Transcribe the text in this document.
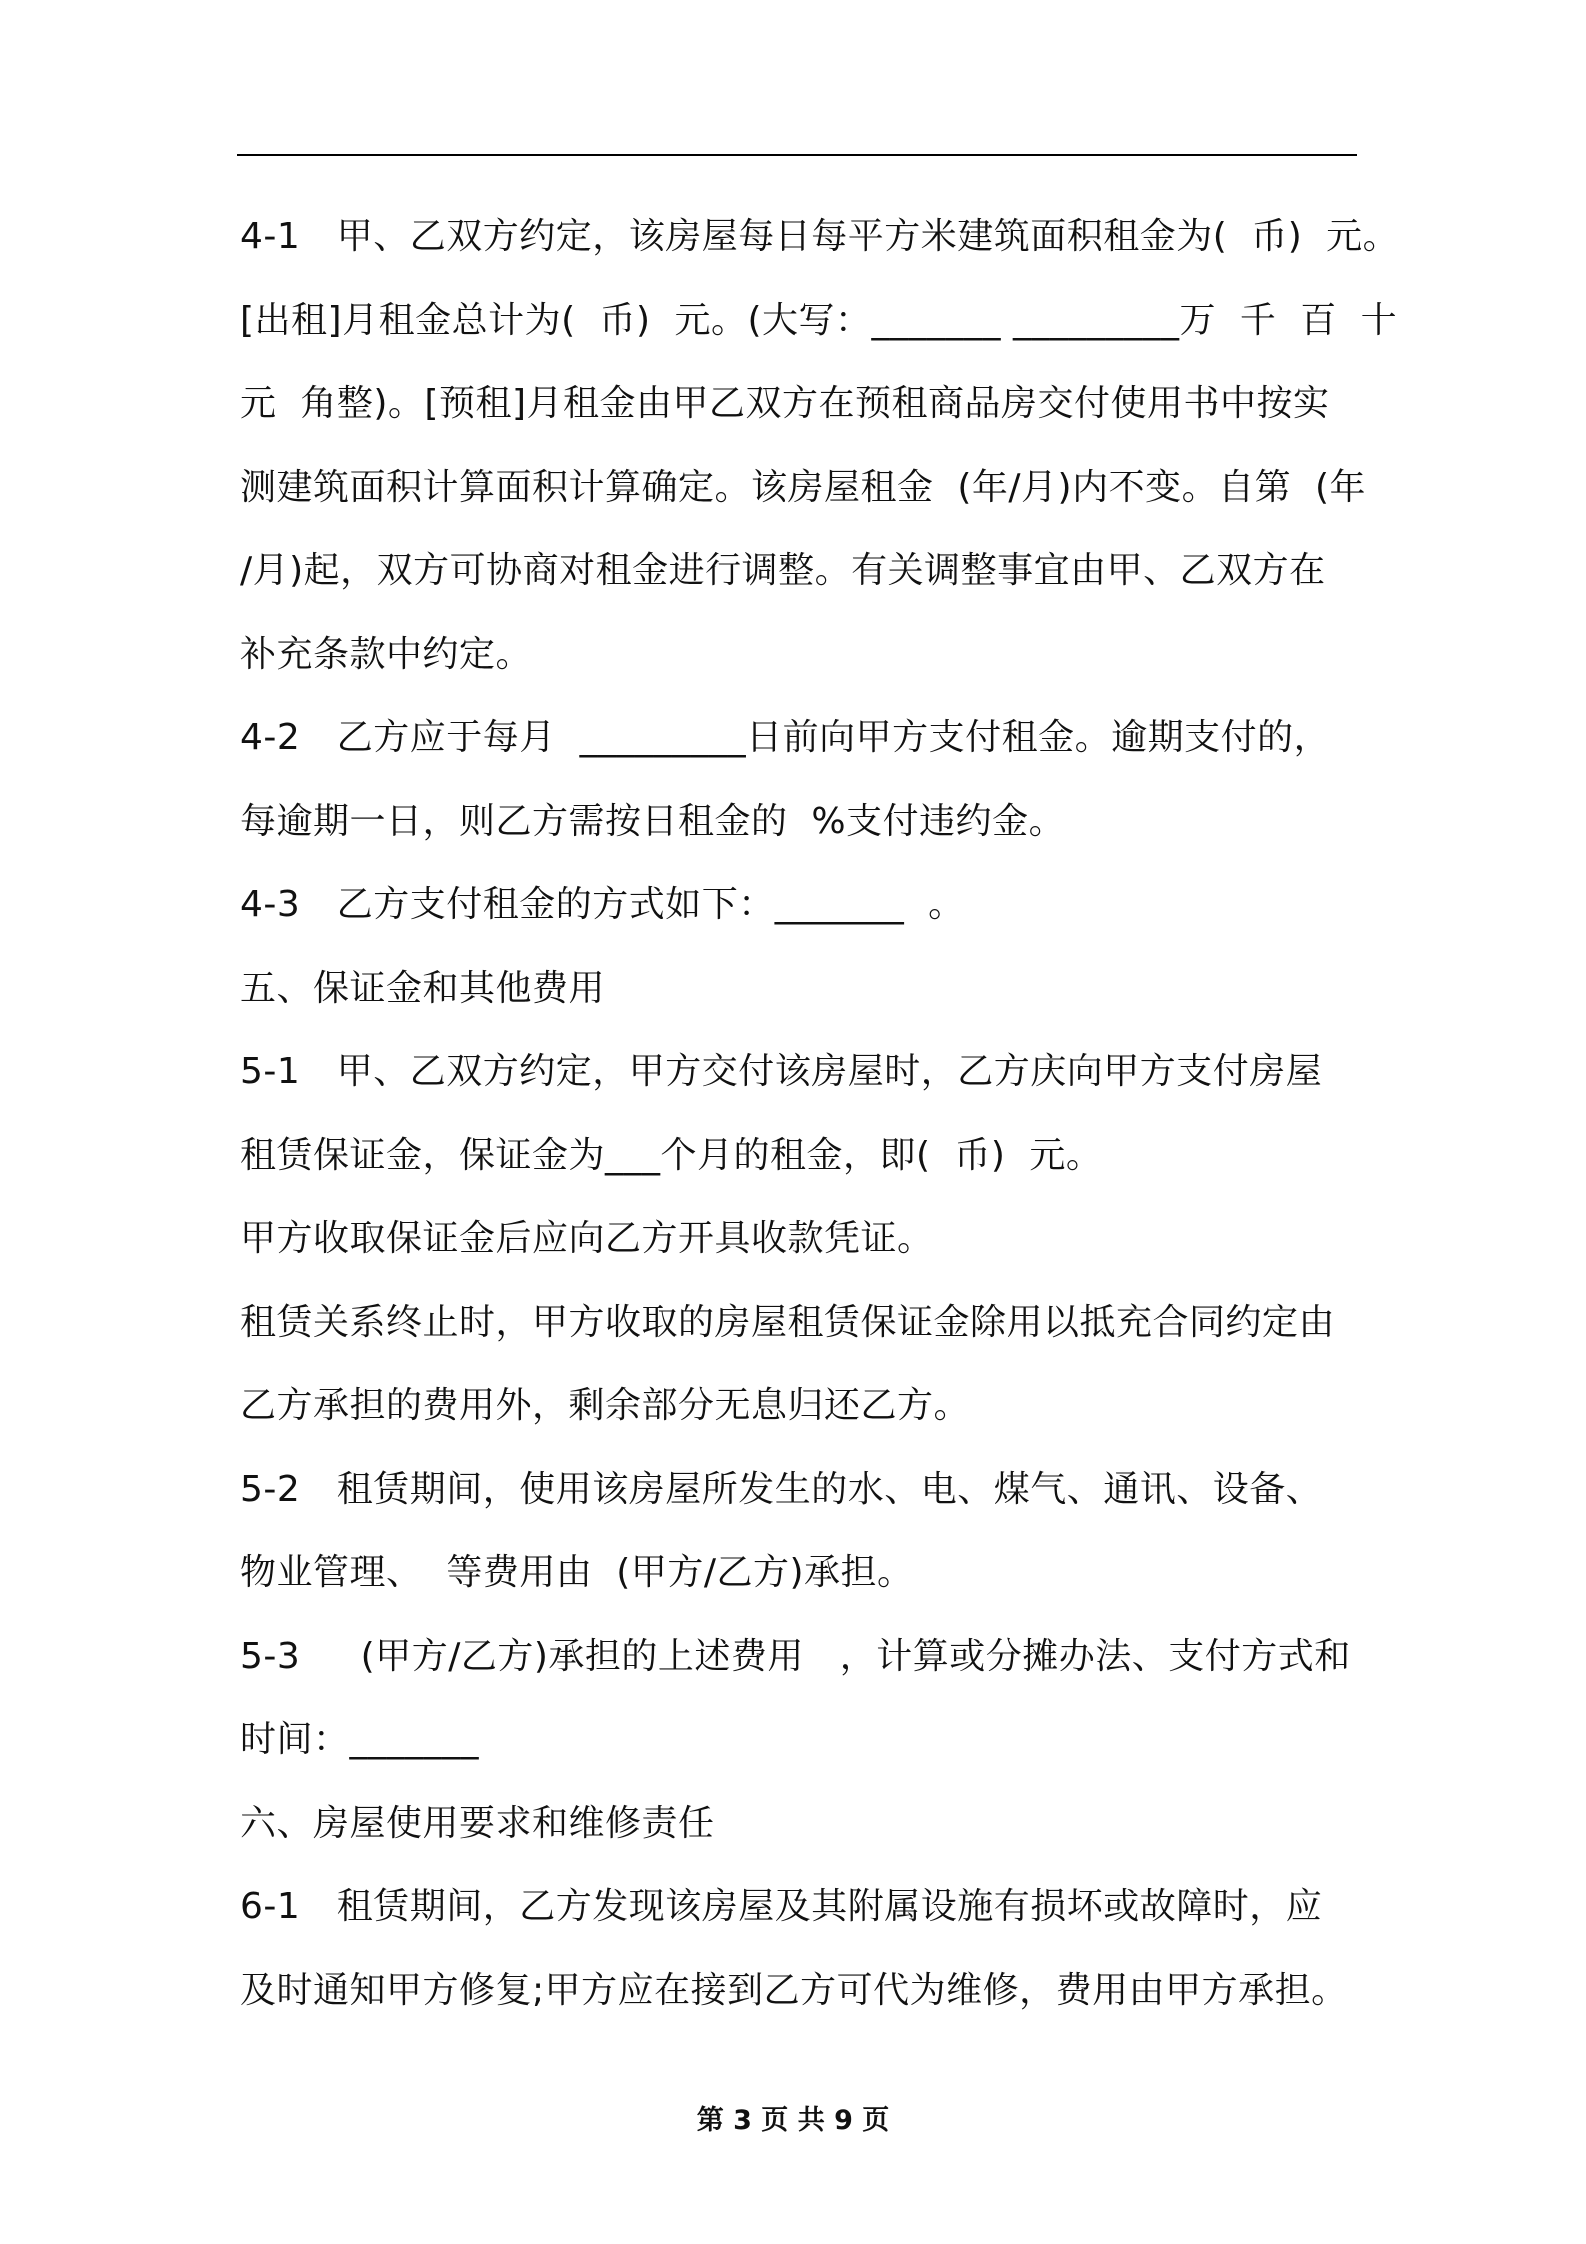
4-1　甲、乙双方约定，该房屋每日每平方米建筑面积租金为(  币)  元。
[出租]月租金总计为(  币)  元。(大写：_______ _________万  千  百  十
元  角整)。[预租]月租金由甲乙双方在预租商品房交付使用书中按实
测建筑面积计算面积计算确定。该房屋租金  (年/月)内不变。自第  (年
/月)起，双方可协商对租金进行调整。有关调整事宜由甲、乙双方在
补充条款中约定。
4-2　乙方应于每月  _________日前向甲方支付租金。逾期支付的，
每逾期一日，则乙方需按日租金的  %支付违约金。
4-3　乙方支付租金的方式如下：_______  。
五、保证金和其他费用
5-1　甲、乙双方约定，甲方交付该房屋时，乙方庆向甲方支付房屋
租赁保证金，保证金为___个月的租金，即(  币)  元。
甲方收取保证金后应向乙方开具收款凭证。
租赁关系终止时，甲方收取的房屋租赁保证金除用以抵充合同约定由
乙方承担的费用外，剩余部分无息归还乙方。
5-2　租赁期间，使用该房屋所发生的水、电、煤气、通讯、设备、
物业管理、  等费用由  (甲方/乙方)承担。
5-3　  (甲方/乙方)承担的上述费用   ，计算或分摊办法、支付方式和
时间：_______
六、房屋使用要求和维修责任
6-1　租赁期间，乙方发现该房屋及其附属设施有损坏或故障时，应
及时通知甲方修复;甲方应在接到乙方可代为维修，费用由甲方承担。
第 3 页 共 9 页
